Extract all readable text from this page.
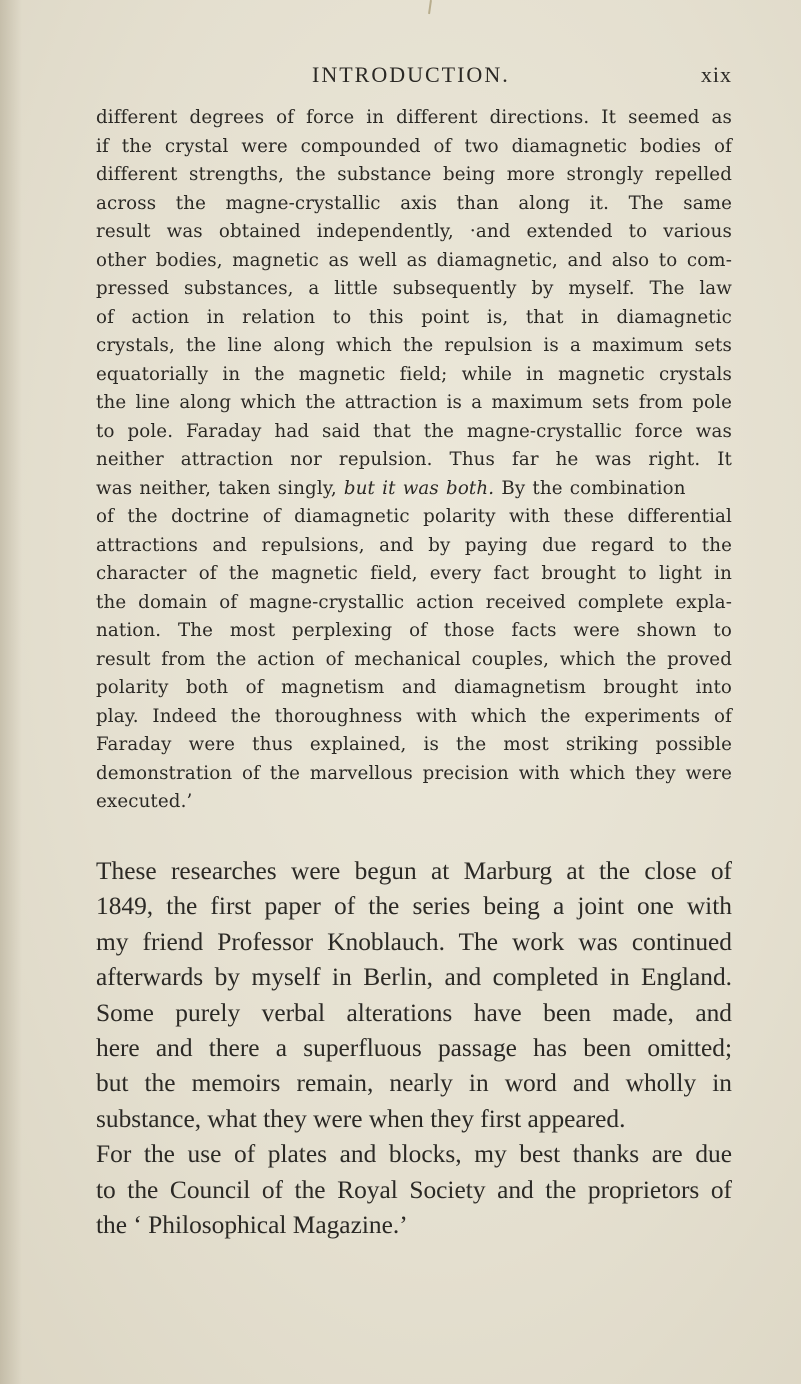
INTRODUCTION.	xix
different degrees of force in different directions. It seemed as
if the crystal were compounded of two diamagnetic bodies of
different strengths, the substance being more strongly repelled
across the magne-crystallic axis than along it. The same
result was obtained independently, ·and extended to various
other bodies, magnetic as well as diamagnetic, and also to com-
pressed substances, a little subsequently by myself. The law
of action in relation to this point is, that in diamagnetic
crystals, the line along which the repulsion is a maximum sets
equatorially in the magnetic field; while in magnetic crystals
the line along which the attraction is a maximum sets from pole
to pole. Faraday had said that the magne-crystallic force was
neither attraction nor repulsion. Thus far he was right. It
was neither, taken singly, but it was both. By the combination
of the doctrine of diamagnetic polarity with these differential
attractions and repulsions, and by paying due regard to the
character of the magnetic field, every fact brought to light in
the domain of magne-crystallic action received complete expla-
nation. The most perplexing of those facts were shown to
result from the action of mechanical couples, which the proved
polarity both of magnetism and diamagnetism brought into
play. Indeed the thoroughness with which the experiments of
Faraday were thus explained, is the most striking possible
demonstration of the marvellous precision with which they were
executed.’
These researches were begun at Marburg at the close of
1849, the first paper of the series being a joint one with
my friend Professor Knoblauch. The work was continued
afterwards by myself in Berlin, and completed in England.
Some purely verbal alterations have been made, and
here and there a superfluous passage has been omitted;
but the memoirs remain, nearly in word and wholly in
substance, what they were when they first appeared.
For the use of plates and blocks, my best thanks are due
to the Council of the Royal Society and the proprietors of
the ‘ Philosophical Magazine.’
